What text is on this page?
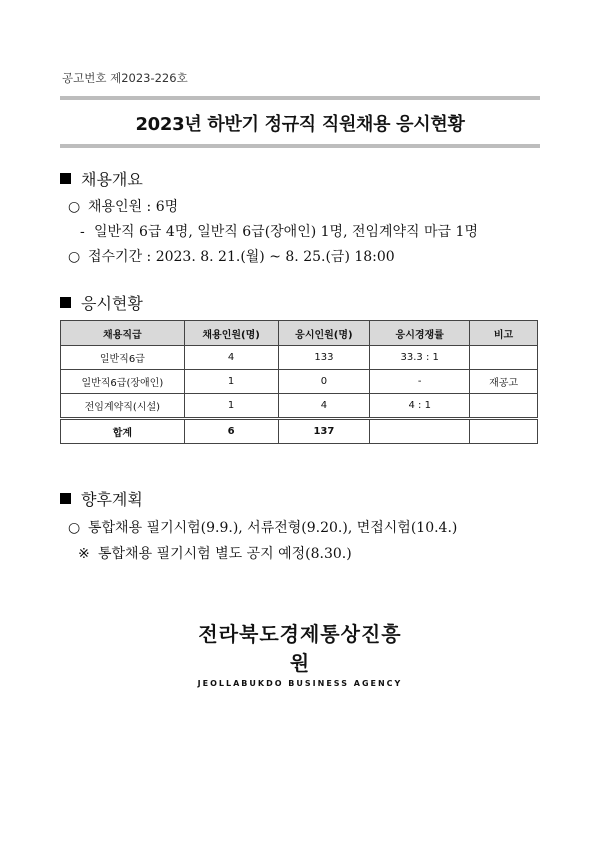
공고번호 제2023-226호
2023년 하반기 정규직 직원채용 응시현황
채용개요
○ 채용인원 : 6명
- 일반직 6급 4명, 일반직 6급(장애인) 1명, 전임계약직 마급 1명
○ 접수기간 : 2023. 8. 21.(월) ~ 8. 25.(금) 18:00
응시현황
채용직급	채용인원(명)	응시인원(명)	응시경쟁률	비고
일반직6급	4	133	33.3 : 1	
일반직6급(장애인)	1	0	-	재공고
전임계약직(시설)	1	4	4 : 1	
합계	6	137		
향후계획
○ 통합채용 필기시험(9.9.), 서류전형(9.20.), 면접시험(10.4.)
※ 통합채용 필기시험 별도 공지 예정(8.30.)
전라북도경제통상진흥원
JEOLLABUKDO BUSINESS AGENCY
